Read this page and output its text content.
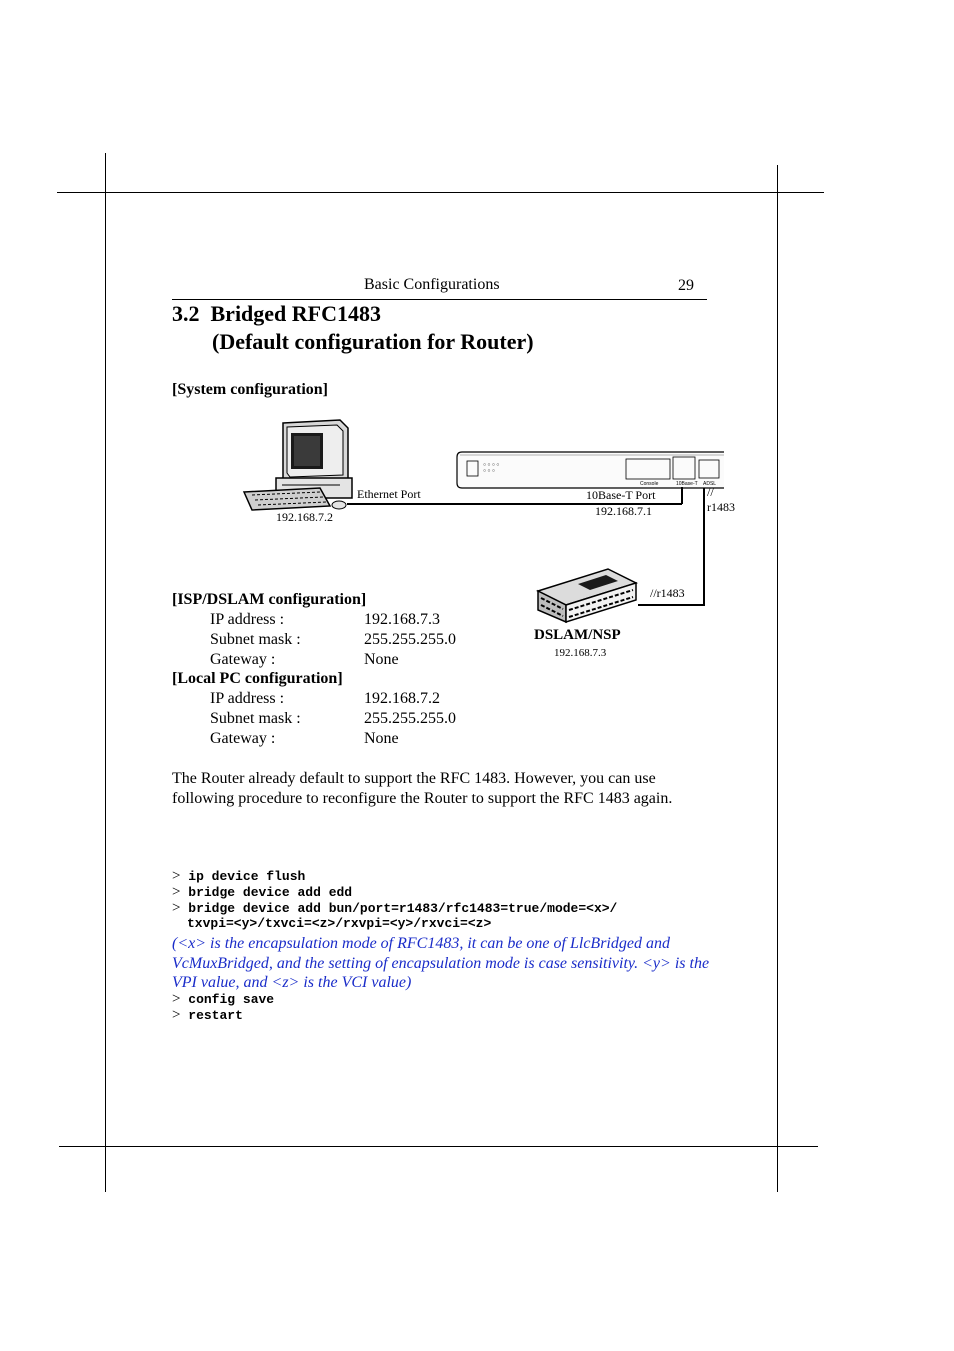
Basic Configurations	29
3.2 Bridged RFC1483
(Default configuration for Router)
[System configuration]
○ ○ ○ ○
○ ○ ○
Console	10Base-T ADSL
192.168.7.2
Ethernet Port	10Base-T Port
192.168.7.1
//
r1483
//r1483
DSLAM/NSP
192.168.7.3
[ISP/DSLAM configuration]
IP address :	192.168.7.3
Subnet mask :	255.255.255.0
Gateway :	None
[Local PC configuration]
IP address :	192.168.7.2
Subnet mask :	255.255.255.0
Gateway :	None
The Router already default to support the RFC 1483. However, you can use following procedure to reconfigure the Router to support the RFC 1483 again.
> ip device flush
> bridge device add edd
> bridge device add bun/port=r1483/rfc1483=true/mode=<x>/
txvpi=<y>/txvci=<z>/rxvpi=<y>/rxvci=<z>
(<x> is the encapsulation mode of RFC1483, it can be one of LlcBridged and VcMuxBridged, and the setting of encapsulation mode is case sensitivity. <y> is the VPI value, and <z> is the VCI value)
> config save
> restart
